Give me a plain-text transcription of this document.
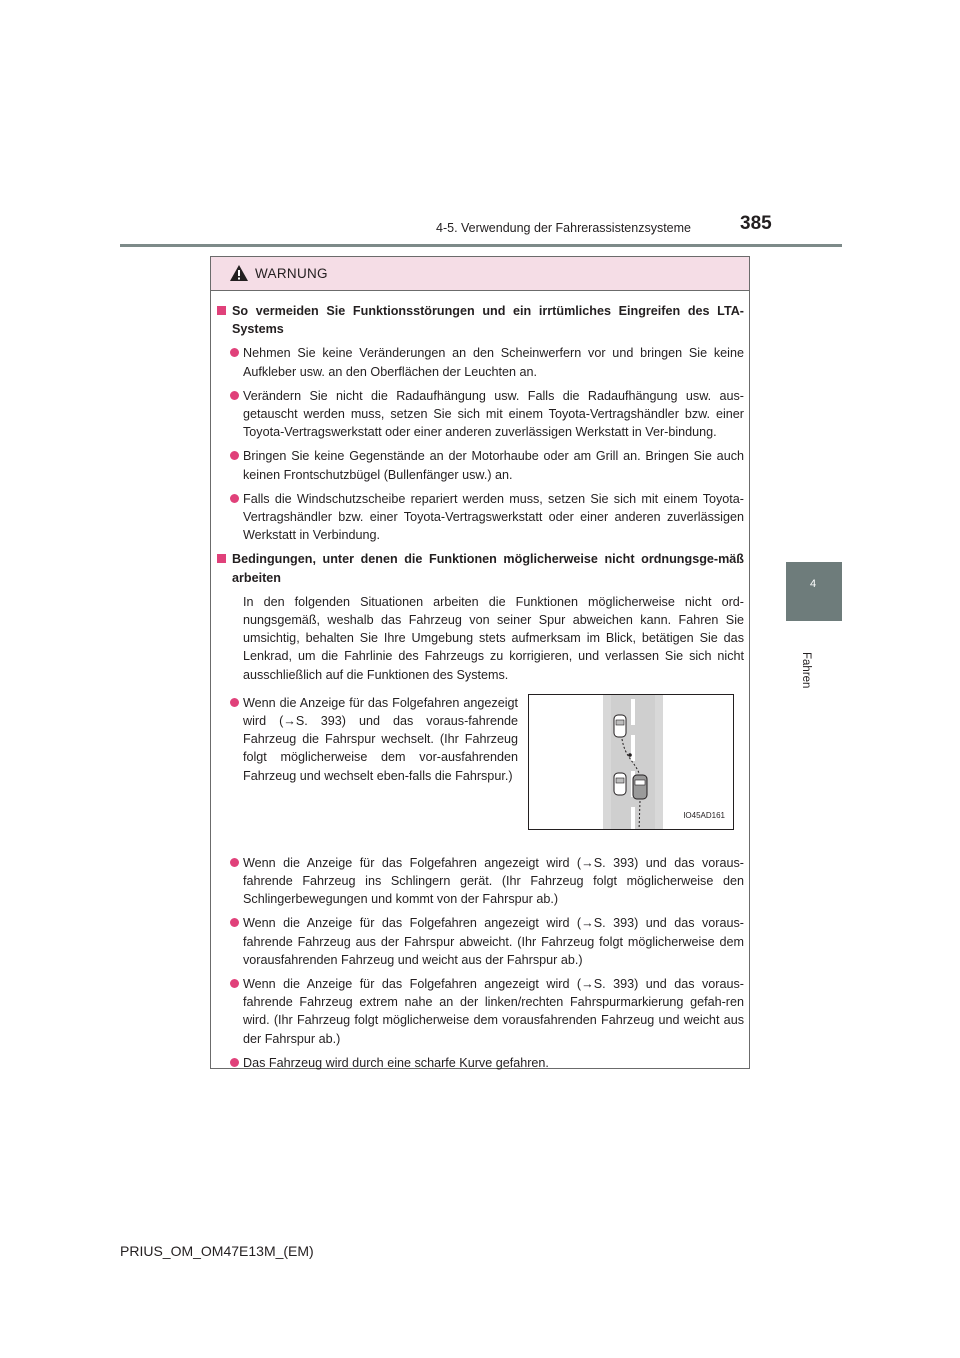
4-5. Verwendung der Fahrerassistenzsysteme	385
4
Fahren
WARNUNG
So vermeiden Sie Funktionsstörungen und ein irrtümliches Eingreifen des LTA-Systems
Nehmen Sie keine Veränderungen an den Scheinwerfern vor und bringen Sie keine Aufkleber usw. an den Oberflächen der Leuchten an.
Verändern Sie nicht die Radaufhängung usw. Falls die Radaufhängung usw. aus-getauscht werden muss, setzen Sie sich mit einem Toyota-Vertragshändler bzw. einer Toyota-Vertragswerkstatt oder einer anderen zuverlässigen Werkstatt in Ver-bindung.
Bringen Sie keine Gegenstände an der Motorhaube oder am Grill an. Bringen Sie auch keinen Frontschutzbügel (Bullenfänger usw.) an.
Falls die Windschutzscheibe repariert werden muss, setzen Sie sich mit einem Toyota-Vertragshändler bzw. einer Toyota-Vertragswerkstatt oder einer anderen zuverlässigen Werkstatt in Verbindung.
Bedingungen, unter denen die Funktionen möglicherweise nicht ordnungsge-mäß arbeiten
In den folgenden Situationen arbeiten die Funktionen möglicherweise nicht ord-nungsgemäß, weshalb das Fahrzeug von seiner Spur abweichen kann. Fahren Sie umsichtig, behalten Sie Ihre Umgebung stets aufmerksam im Blick, betätigen Sie das Lenkrad, um die Fahrlinie des Fahrzeugs zu korrigieren, und verlassen Sie sich nicht ausschließlich auf die Funktionen des Systems.
Wenn die Anzeige für das Folgefahren angezeigt wird (→S. 393) und das voraus-fahrende Fahrzeug die Fahrspur wechselt. (Ihr Fahrzeug folgt möglicherweise dem vor-ausfahrenden Fahrzeug und wechselt eben-falls die Fahrspur.)
IO45AD161
Wenn die Anzeige für das Folgefahren angezeigt wird (→S. 393) und das voraus-fahrende Fahrzeug ins Schlingern gerät. (Ihr Fahrzeug folgt möglicherweise den Schlingerbewegungen und kommt von der Fahrspur ab.)
Wenn die Anzeige für das Folgefahren angezeigt wird (→S. 393) und das voraus-fahrende Fahrzeug aus der Fahrspur abweicht. (Ihr Fahrzeug folgt möglicherweise dem vorausfahrenden Fahrzeug und weicht aus der Fahrspur ab.)
Wenn die Anzeige für das Folgefahren angezeigt wird (→S. 393) und das voraus-fahrende Fahrzeug extrem nahe an der linken/rechten Fahrspurmarkierung gefah-ren wird. (Ihr Fahrzeug folgt möglicherweise dem vorausfahrenden Fahrzeug und weicht aus der Fahrspur ab.)
Das Fahrzeug wird durch eine scharfe Kurve gefahren.
PRIUS_OM_OM47E13M_(EM)
